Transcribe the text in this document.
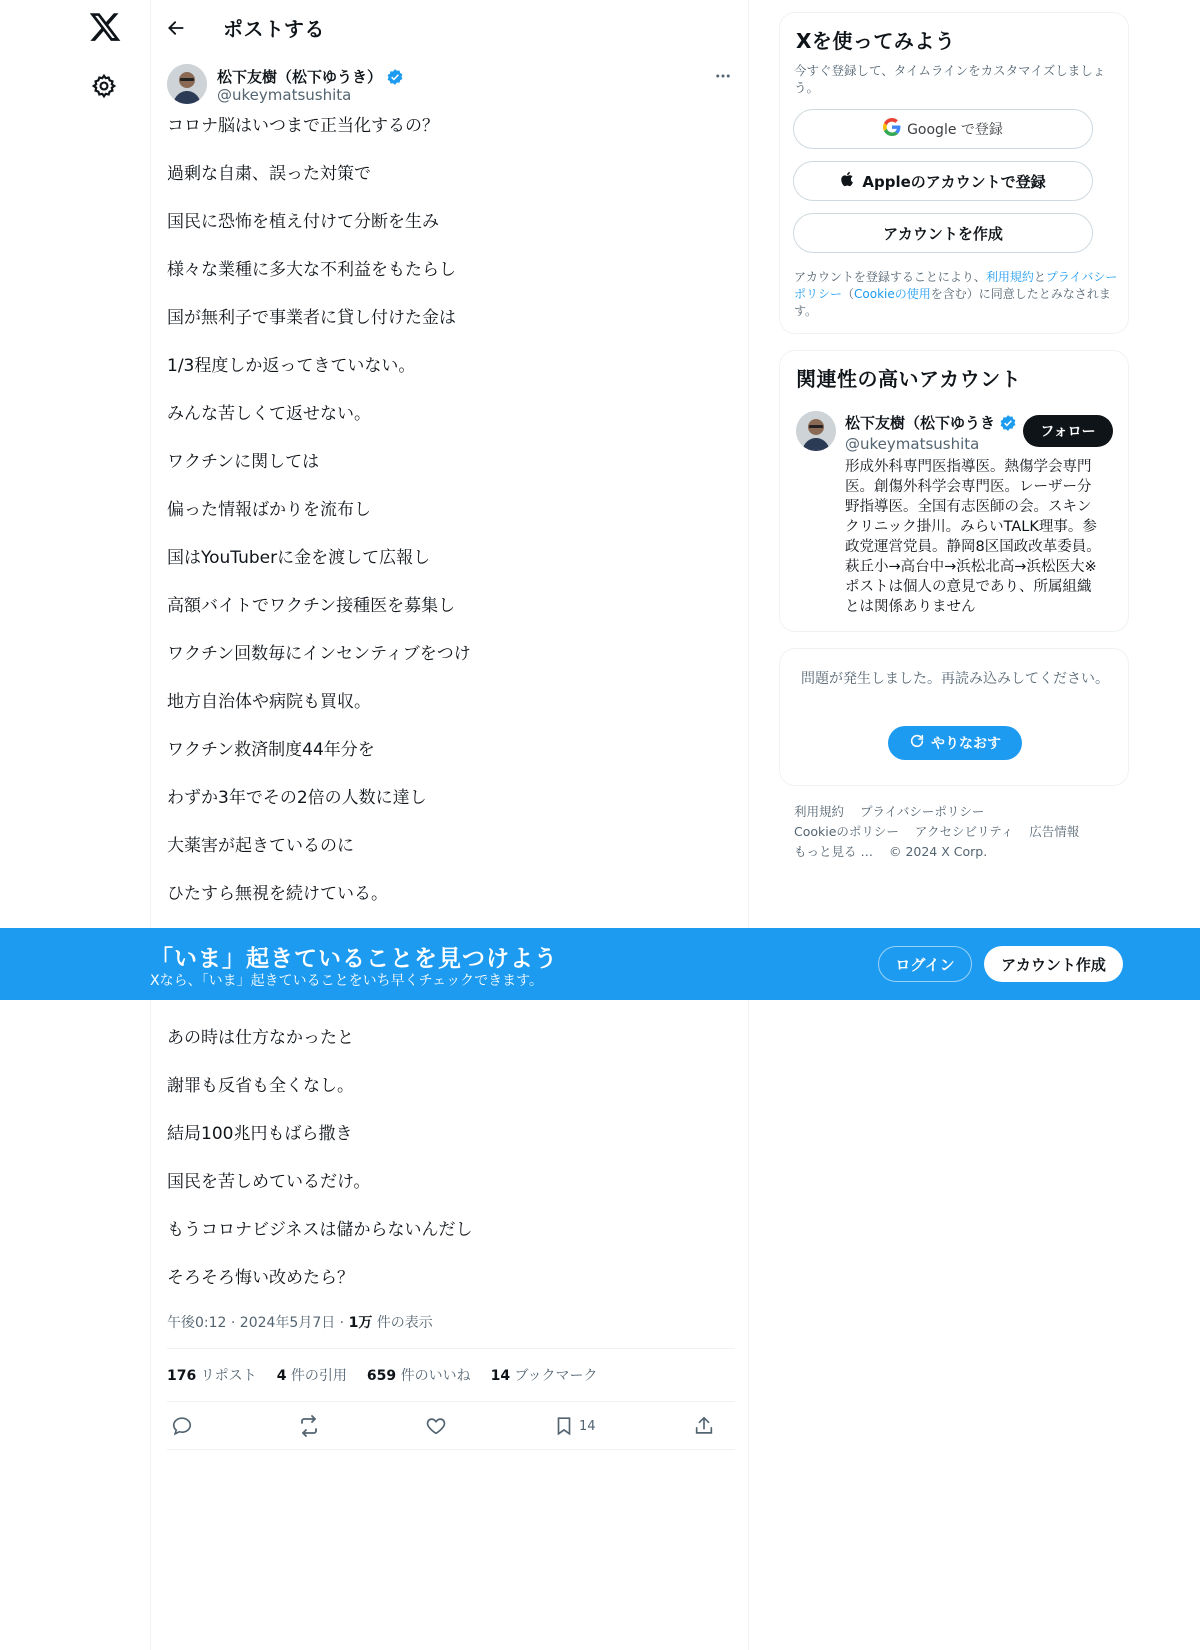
ポストする
松下友樹（松下ゆうき）
@ukeymatsushita
コロナ脳はいつまで正当化するの？
過剰な自粛、誤った対策で
国民に恐怖を植え付けて分断を生み
様々な業種に多大な不利益をもたらし
国が無利子で事業者に貸し付けた金は
1/3程度しか返ってきていない。
みんな苦しくて返せない。
ワクチンに関しては
偏った情報ばかりを流布し
国はYouTuberに金を渡して広報し
高額バイトでワクチン接種医を募集し
ワクチン回数毎にインセンティブをつけ
地方自治体や病院も買収。
ワクチン救済制度44年分を
わずか3年でその2倍の人数に達し
大薬害が起きているのに
ひたすら無視を続けている。
あの時は仕方なかったと
謝罪も反省も全くなし。
結局100兆円もばら撒き
国民を苦しめているだけ。
もうコロナビジネスは儲からないんだし
そろそろ悔い改めたら？
午後0:12 · 2024年5月7日 · 1万 件の表示
176 リポスト 4 件の引用 659 件のいいね 14 ブックマーク
14
Xを使ってみよう
今すぐ登録して、タイムラインをカスタマイズしましょう。
Google で登録
Appleのアカウントで登録
アカウントを作成
アカウントを登録することにより、利用規約とプライバシーポリシー（Cookieの使用を含む）に同意したとみなされます。
関連性の高いアカウント
松下友樹（松下ゆうき
@ukeymatsushita
フォロー
形成外科専門医指導医。熱傷学会専門医。創傷外科学会専門医。レーザー分野指導医。全国有志医師の会。スキンクリニック掛川。みらいTALK理事。参政党運営党員。静岡8区国政改革委員。萩丘小→高台中→浜松北高→浜松医大※ポストは個人の意見であり、所属組織とは関係ありません
問題が発生しました。再読み込みしてください。
やりなおす
利用規約 プライバシーポリシー
Cookieのポリシー アクセシビリティ 広告情報
もっと見る … © 2024 X Corp.
「いま」起きていることを見つけよう
Xなら、「いま」起きていることをいち早くチェックできます。
ログイン	アカウント作成
